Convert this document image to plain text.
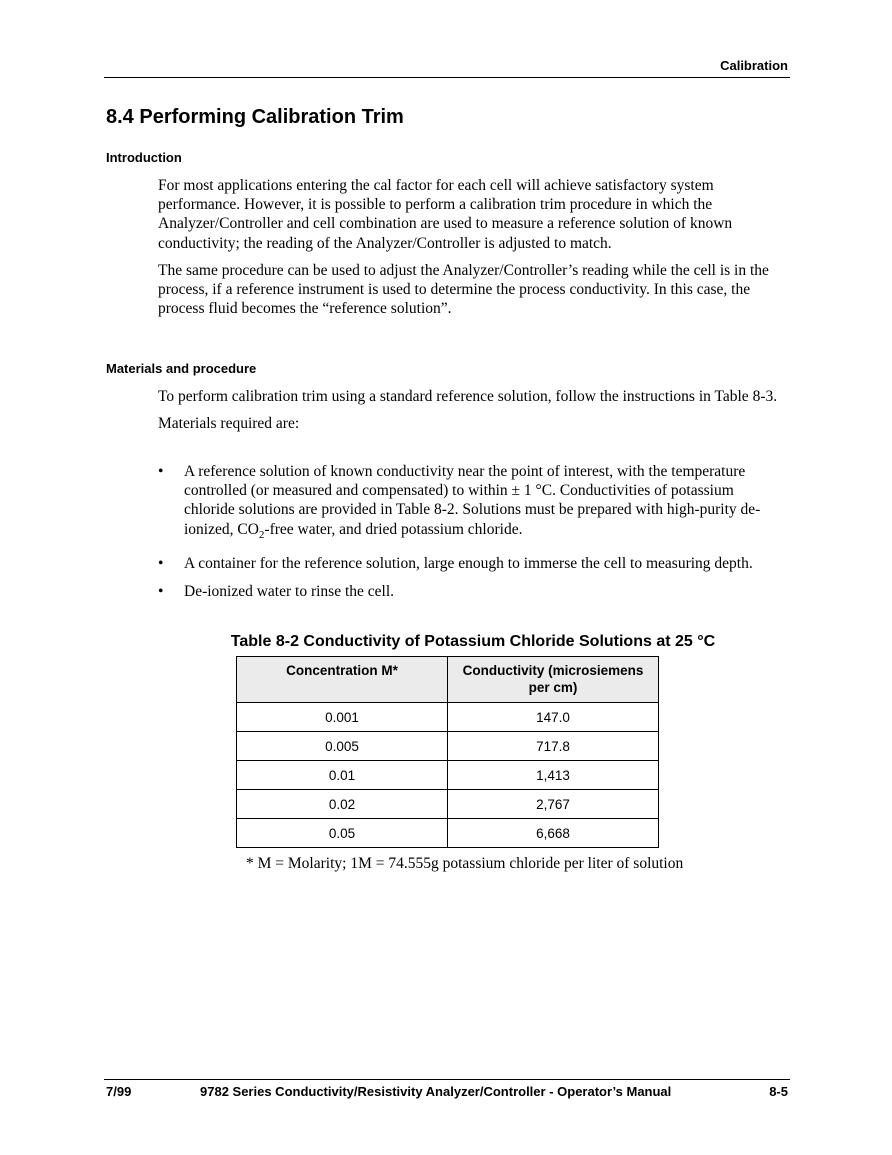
Calibration
8.4 Performing Calibration Trim
Introduction

For most applications entering the cal factor for each cell will achieve satisfactory system performance. However, it is possible to perform a calibration trim procedure in which the Analyzer/Controller and cell combination are used to measure a reference solution of known conductivity; the reading of the Analyzer/Controller is adjusted to match.

The same procedure can be used to adjust the Analyzer/Controller’s reading while the cell is in the process, if a reference instrument is used to determine the process conductivity. In this case, the process fluid becomes the “reference solution”.

Materials and procedure

To perform calibration trim using a standard reference solution, follow the instructions in Table 8-3.

Materials required are:

• A reference solution of known conductivity near the point of interest, with the temperature controlled (or measured and compensated) to within ± 1 °C. Conductivities of potassium chloride solutions are provided in Table 8-2. Solutions must be prepared with high-purity de-ionized, $CO_2$-free water, and dried potassium chloride.
• A container for the reference solution, large enough to immerse the cell to measuring depth.
• De-ionized water to rinse the cell.
Table 8-2 Conductivity of Potassium Chloride Solutions at 25 °C
Concentration M*	Conductivity (microsiemens per cm)
0.001	147.0
0.005	717.8
0.01	1,413
0.02	2,767
0.05	6,668
* M = Molarity; 1M = 74.555g potassium chloride per liter of solution
7/99	9782 Series Conductivity/Resistivity Analyzer/Controller - Operator’s Manual	8-5
